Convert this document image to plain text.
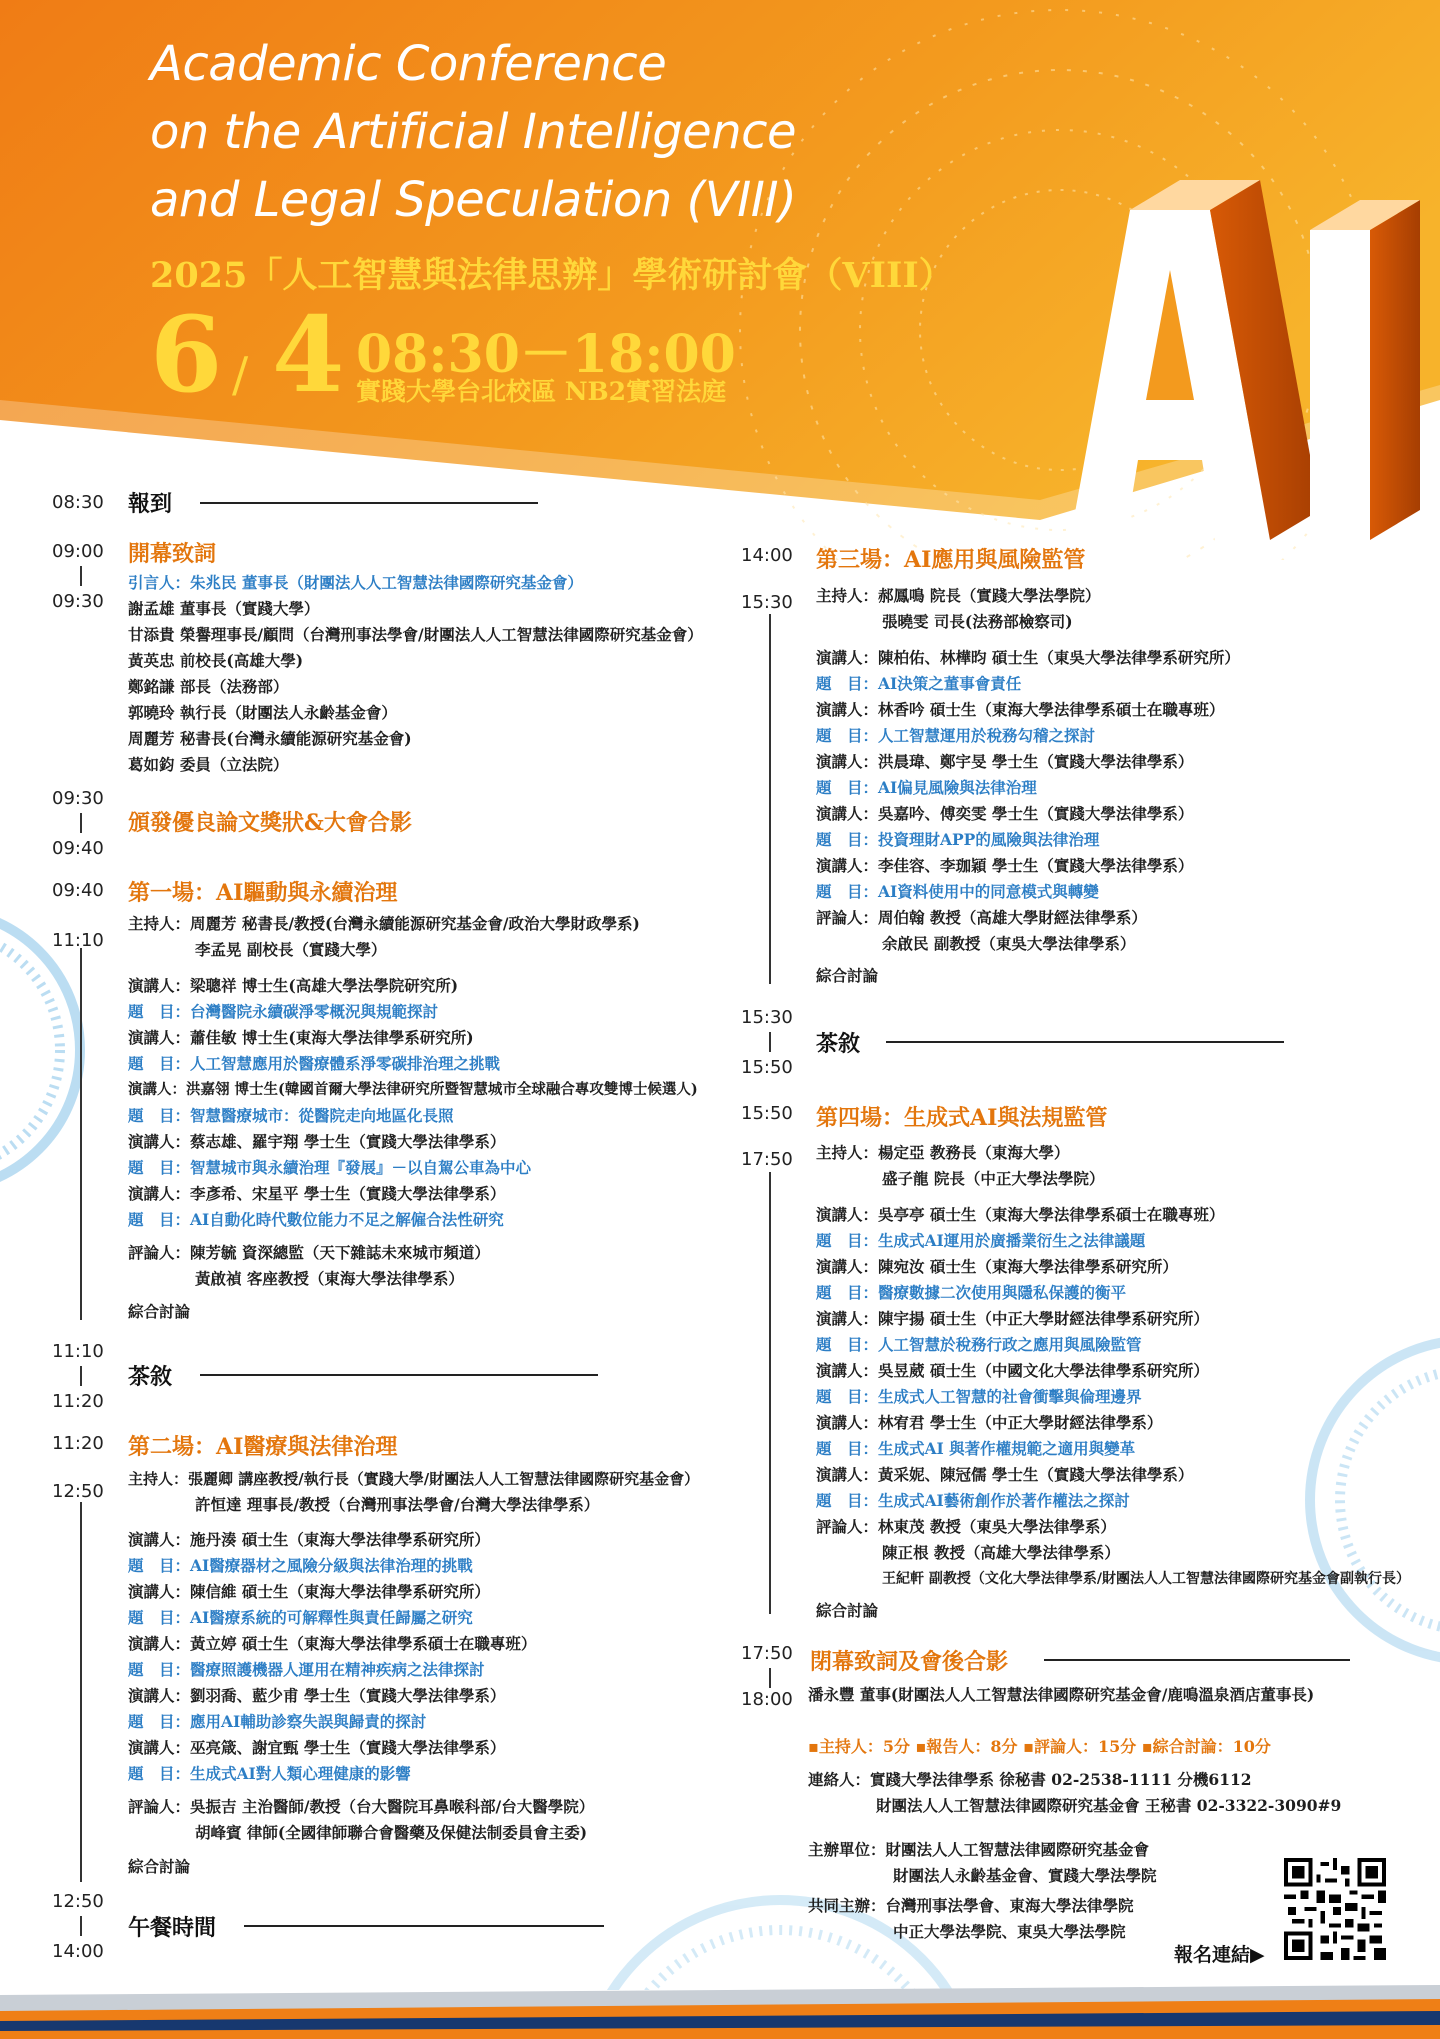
Academic Conference
on the Artificial Intelligence
and Legal Speculation (VIII)
2025「人工智慧與法律思辨」學術研討會（VIII）
6 / 4 08:30－18:00
實踐大學台北校區 NB2實習法庭
08:30 報到
09:00
09:30
開幕致詞
引言人：朱兆民 董事長（財團法人人工智慧法律國際研究基金會）
謝孟雄 董事長（實踐大學）
甘添貴 榮譽理事長/顧問（台灣刑事法學會/財團法人人工智慧法律國際研究基金會）
黃英忠 前校長(高雄大學)
鄭銘謙 部長（法務部）
郭曉玲 執行長（財團法人永齡基金會）
周麗芳 秘書長(台灣永續能源研究基金會)
葛如鈞 委員（立法院）
09:30
09:40
頒發優良論文獎狀&大會合影
09:40
11:10
第一場：AI驅動與永續治理
主持人：周麗芳 秘書長/教授(台灣永續能源研究基金會/政治大學財政學系)
李孟晃 副校長（實踐大學）
演講人：梁聰祥 博士生(高雄大學法學院研究所)
題　目：台灣醫院永續碳淨零概況與規範探討
演講人：蕭佳敏 博士生(東海大學法律學系研究所)
題　目：人工智慧應用於醫療體系淨零碳排治理之挑戰
演講人：洪嘉翎 博士生(韓國首爾大學法律研究所暨智慧城市全球融合專攻雙博士候選人)
題　目：智慧醫療城市：從醫院走向地區化長照
演講人：蔡志雄、羅宇翔 學士生（實踐大學法律學系）
題　目：智慧城市與永續治理『發展』－以自駕公車為中心
演講人：李彥希、宋星平 學士生（實踐大學法律學系）
題　目：AI自動化時代數位能力不足之解僱合法性研究
評論人：陳芳毓 資深總監（天下雜誌未來城市頻道）
黃啟禎 客座教授（東海大學法律學系）
綜合討論
11:10
11:20
茶敘
11:20
12:50
第二場：AI醫療與法律治理
主持人：張麗卿 講座教授/執行長（實踐大學/財團法人人工智慧法律國際研究基金會）
許恒達 理事長/教授（台灣刑事法學會/台灣大學法律學系）
演講人：施丹湊 碩士生（東海大學法律學系研究所）
題　目：AI醫療器材之風險分級與法律治理的挑戰
演講人：陳信維 碩士生（東海大學法律學系研究所）
題　目：AI醫療系統的可解釋性與責任歸屬之研究
演講人：黃立婷 碩士生（東海大學法律學系碩士在職專班）
題　目：醫療照護機器人運用在精神疾病之法律探討
演講人：劉羽喬、藍少甫 學士生（實踐大學法律學系）
題　目：應用AI輔助診察失誤與歸責的探討
演講人：巫亮箴、謝宜甄 學士生（實踐大學法律學系）
題　目：生成式AI對人類心理健康的影響
評論人：吳振吉 主治醫師/教授（台大醫院耳鼻喉科部/台大醫學院）
胡峰賓 律師(全國律師聯合會醫藥及保健法制委員會主委)
綜合討論
12:50
14:00
午餐時間
14:00
15:30
第三場：AI應用與風險監管
主持人：郝鳳鳴 院長（實踐大學法學院）
張曉雯 司長(法務部檢察司)
演講人：陳柏佑、林樺昀 碩士生（東吳大學法律學系研究所）
題　目：AI決策之董事會責任
演講人：林香吟 碩士生（東海大學法律學系碩士在職專班）
題　目：人工智慧運用於稅務勾稽之探討
演講人：洪晨瑋、鄭宇旻 學士生（實踐大學法律學系）
題　目：AI偏見風險與法律治理
演講人：吳嘉吟、傅奕雯 學士生（實踐大學法律學系）
題　目：投資理財APP的風險與法律治理
演講人：李佳容、李珈穎 學士生（實踐大學法律學系）
題　目：AI資料使用中的同意模式與轉變
評論人：周伯翰 教授（高雄大學財經法律學系）
余啟民 副教授（東吳大學法律學系）
綜合討論
15:30
15:50
茶敘
15:50
17:50
第四場：生成式AI與法規監管
主持人：楊定亞 教務長（東海大學）
盛子龍 院長（中正大學法學院）
演講人：吳亭亭 碩士生（東海大學法律學系碩士在職專班）
題　目：生成式AI運用於廣播業衍生之法律議題
演講人：陳宛汝 碩士生（東海大學法律學系研究所）
題　目：醫療數據二次使用與隱私保護的衡平
演講人：陳宇揚 碩士生（中正大學財經法律學系研究所）
題　目：人工智慧於稅務行政之應用與風險監管
演講人：吳昱葳 碩士生（中國文化大學法律學系研究所）
題　目：生成式人工智慧的社會衝擊與倫理邊界
演講人：林宥君 學士生（中正大學財經法律學系）
題　目：生成式AI 與著作權規範之適用與變革
演講人：黃采妮、陳冠儒 學士生（實踐大學法律學系）
題　目：生成式AI藝術創作於著作權法之探討
評論人：林東茂 教授（東吳大學法律學系）
陳正根 教授（高雄大學法律學系）
王紀軒 副教授（文化大學法律學系/財團法人人工智慧法律國際研究基金會副執行長）
綜合討論
17:50
18:00
閉幕致詞及會後合影
潘永豐 董事(財團法人人工智慧法律國際研究基金會/鹿鳴溫泉酒店董事長)
▪主持人：5分 ▪報告人：8分 ▪評論人：15分 ▪綜合討論：10分
連絡人：實踐大學法律學系 徐秘書 02-2538-1111 分機6112
財團法人人工智慧法律國際研究基金會 王秘書 02-3322-3090#9
主辦單位：財團法人人工智慧法律國際研究基金會
財團法人永齡基金會、實踐大學法學院
共同主辦：台灣刑事法學會、東海大學法律學院
中正大學法學院、東吳大學法學院
報名連結▶
